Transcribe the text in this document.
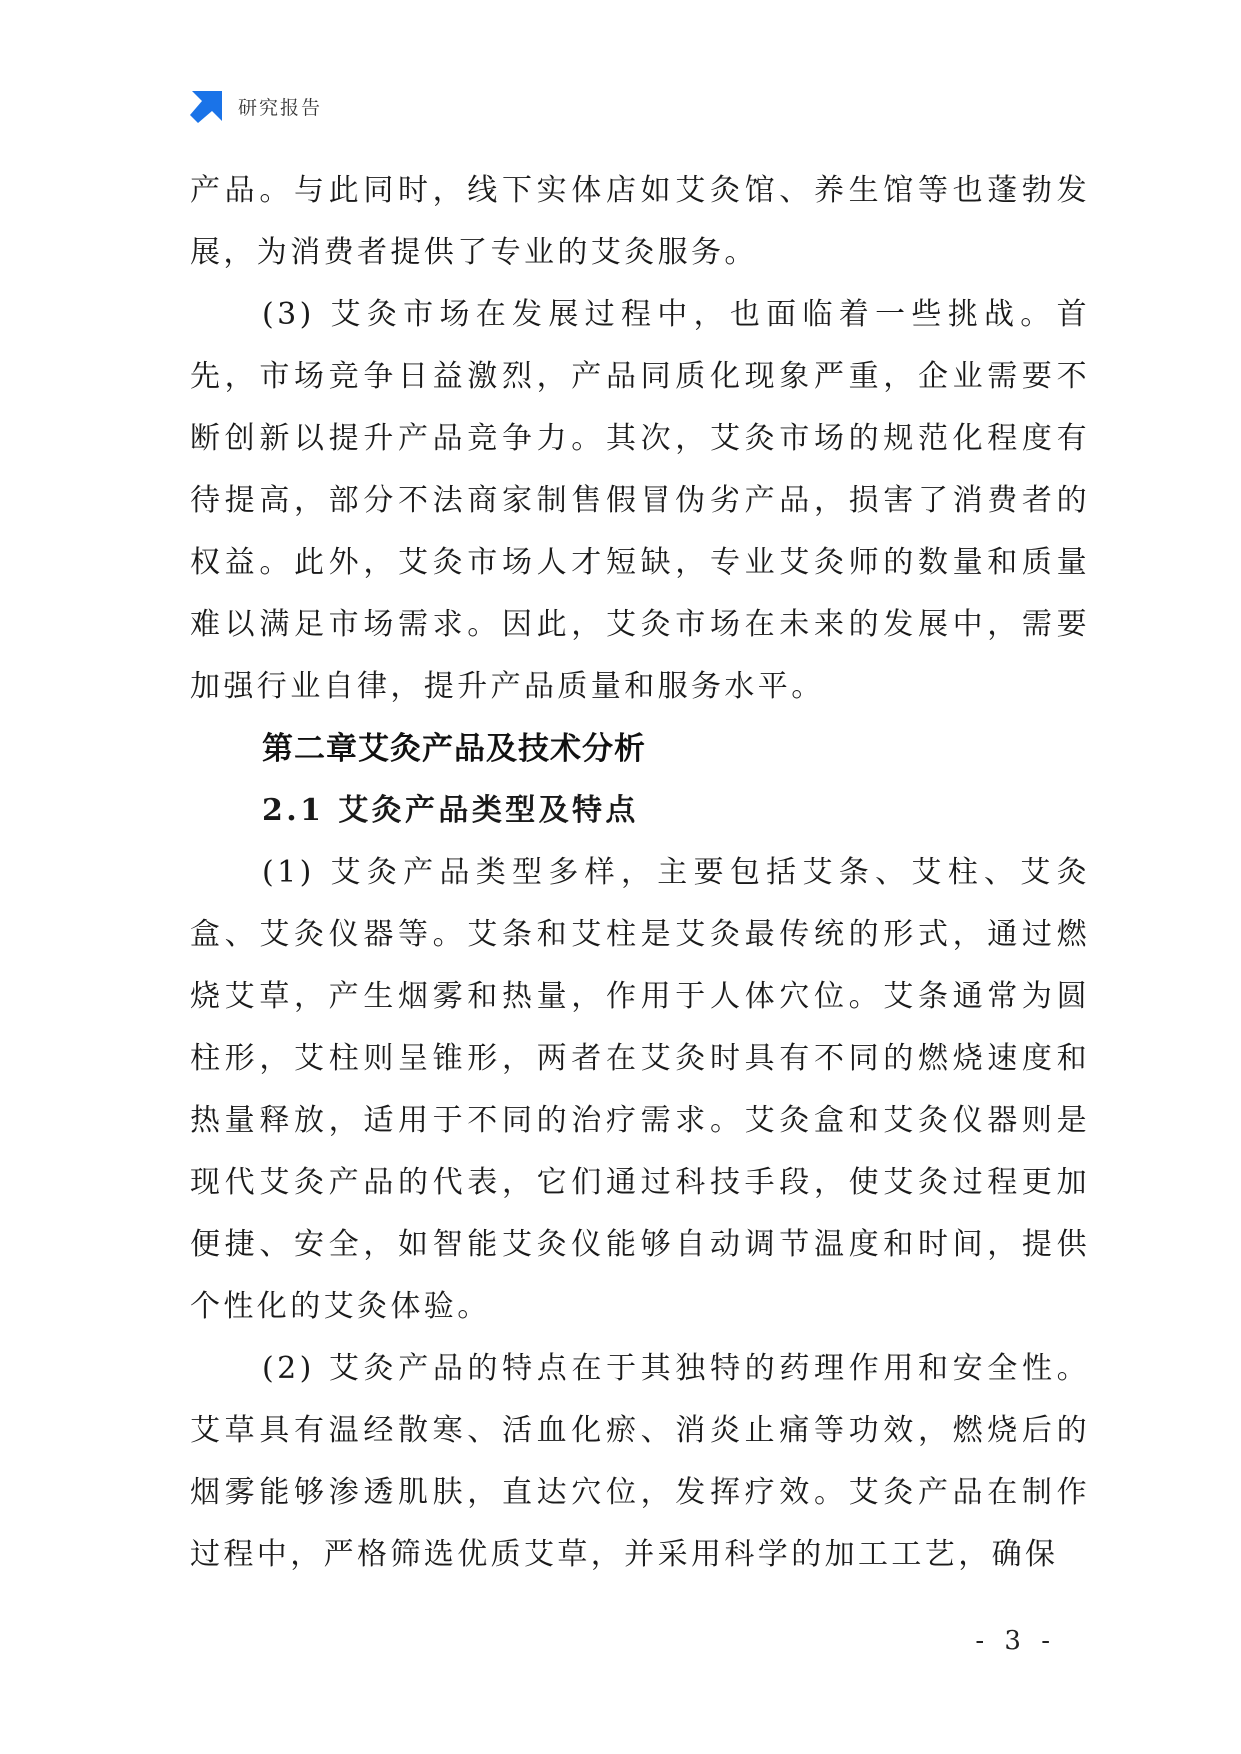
研究报告

产品。与此同时，线下实体店如艾灸馆、养生馆等也蓬勃发展，为消费者提供了专业的艾灸服务。

(3) 艾灸市场在发展过程中，也面临着一些挑战。首先，市场竞争日益激烈，产品同质化现象严重，企业需要不断创新以提升产品竞争力。其次，艾灸市场的规范化程度有待提高，部分不法商家制售假冒伪劣产品，损害了消费者的权益。此外，艾灸市场人才短缺，专业艾灸师的数量和质量难以满足市场需求。因此，艾灸市场在未来的发展中，需要加强行业自律，提升产品质量和服务水平。

第二章艾灸产品及技术分析
2.1 艾灸产品类型及特点

(1) 艾灸产品类型多样，主要包括艾条、艾柱、艾灸盒、艾灸仪器等。艾条和艾柱是艾灸最传统的形式，通过燃烧艾草，产生烟雾和热量，作用于人体穴位。艾条通常为圆柱形，艾柱则呈锥形，两者在艾灸时具有不同的燃烧速度和热量释放，适用于不同的治疗需求。艾灸盒和艾灸仪器则是现代艾灸产品的代表，它们通过科技手段，使艾灸过程更加便捷、安全，如智能艾灸仪能够自动调节温度和时间，提供个性化的艾灸体验。

(2) 艾灸产品的特点在于其独特的药理作用和安全性。艾草具有温经散寒、活血化瘀、消炎止痛等功效，燃烧后的烟雾能够渗透肌肤，直达穴位，发挥疗效。艾灸产品在制作过程中，严格筛选优质艾草，并采用科学的加工工艺，确保

- 3 -
